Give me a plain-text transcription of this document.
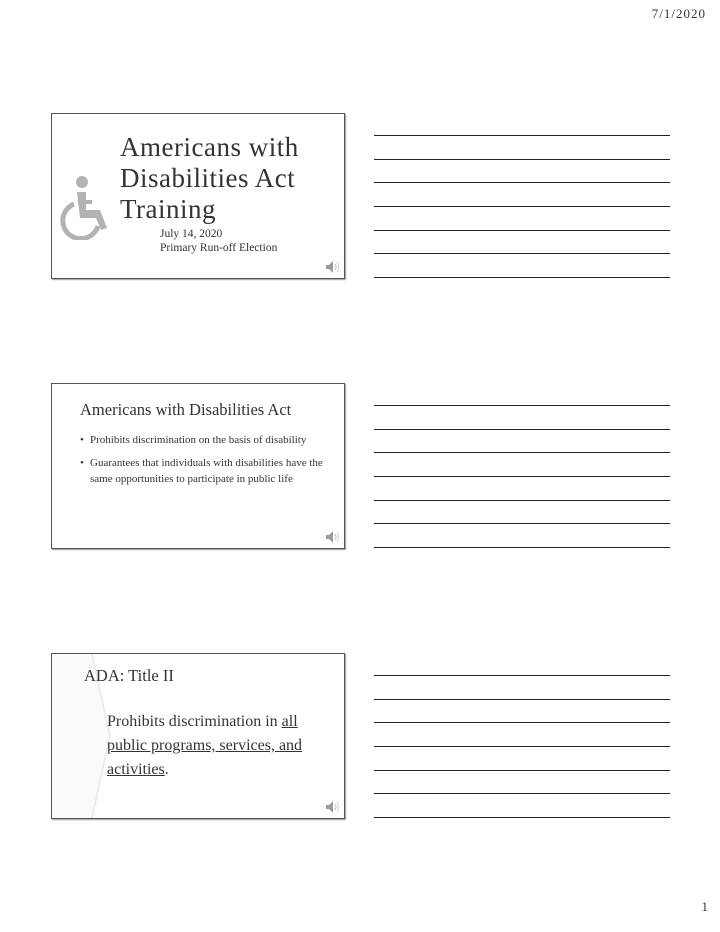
7/1/2020
Americans with
Disabilities Act
Training
July 14, 2020
Primary Run-off Election
Americans with Disabilities Act
• Prohibits discrimination on the basis of disability
• Guarantees that individuals with disabilities have the same opportunities to participate in public life
ADA: Title II
Prohibits discrimination in all public programs, services, and activities.
1
